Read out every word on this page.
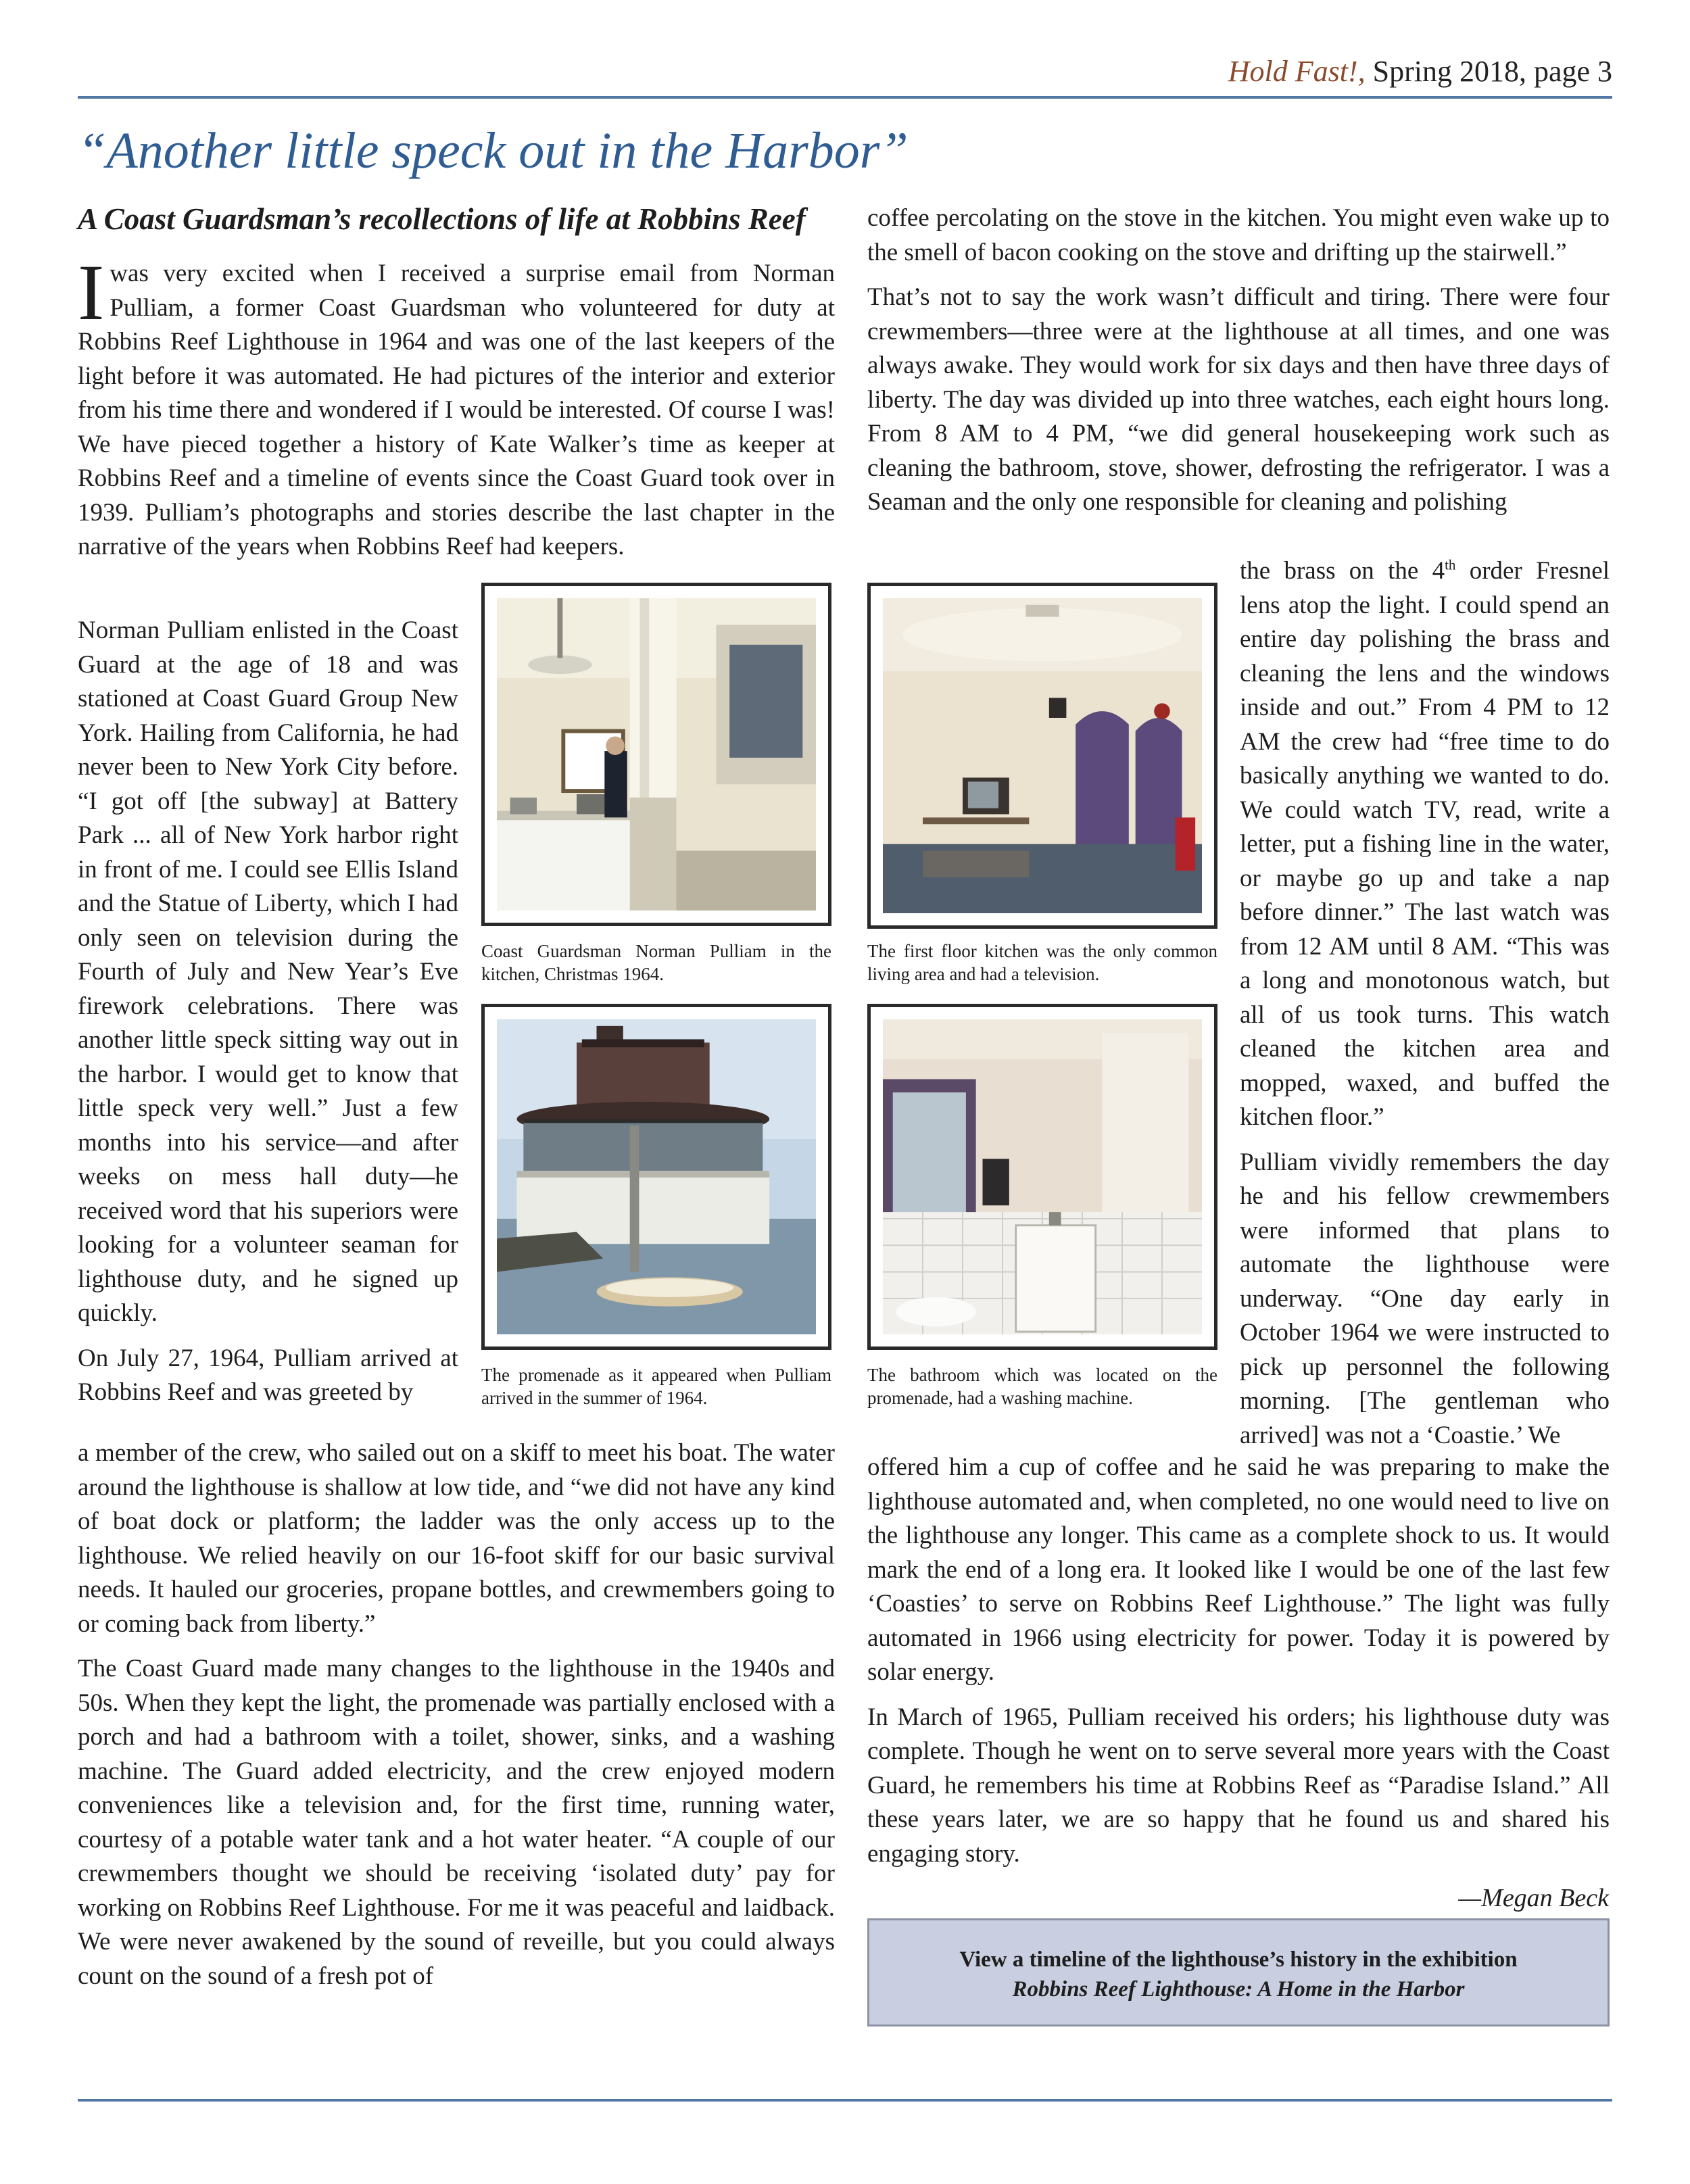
Hold Fast!, Spring 2018, page 3
“Another little speck out in the Harbor”
A Coast Guardsman’s recollections of life at Robbins Reef

Iwas very excited when I received a surprise email from Norman Pulliam, a former Coast Guardsman who volunteered for duty at Robbins Reef Lighthouse in 1964 and was one of the last keepers of the light before it was automated. He had pictures of the interior and exterior from his time there and wondered if I would be interested. Of course I was! We have pieced together a history of Kate Walker’s time as keeper at Robbins Reef and a timeline of events since the Coast Guard took over in 1939. Pulliam’s photographs and stories describe the last chapter in the narrative of the years when Robbins Reef had keepers.

Norman Pulliam enlisted in the Coast Guard at the age of 18 and was stationed at Coast Guard Group New York. Hailing from California, he had never been to New York City before. “I got off [the subway] at Battery Park ... all of New York harbor right in front of me. I could see Ellis Island and the Statue of Liberty, which I had only seen on television during the Fourth of July and New Year’s Eve firework celebrations. There was another little speck sitting way out in the harbor. I would get to know that little speck very well.” Just a few months into his service—and after weeks on mess hall duty—he received word that his superiors were looking for a volunteer seaman for lighthouse duty, and he signed up quickly.

On July 27, 1964, Pulliam arrived at Robbins Reef and was greeted by

a member of the crew, who sailed out on a skiff to meet his boat. The water around the lighthouse is shallow at low tide, and “we did not have any kind of boat dock or platform; the ladder was the only access up to the lighthouse. We relied heavily on our 16-foot skiff for our basic survival needs. It hauled our groceries, propane bottles, and crewmembers going to or coming back from liberty.”

The Coast Guard made many changes to the lighthouse in the 1940s and 50s. When they kept the light, the promenade was partially enclosed with a porch and had a bathroom with a toilet, shower, sinks, and a washing machine. The Guard added electricity, and the crew enjoyed modern conveniences like a television and, for the first time, running water, courtesy of a potable water tank and a hot water heater. “A couple of our crewmembers thought we should be receiving ‘isolated duty’ pay for working on Robbins Reef Lighthouse. For me it was peaceful and laidback. We were never awakened by the sound of reveille, but you could always count on the sound of a fresh pot of

Coast Guardsman Norman Pulliam in the kitchen, Christmas 1964.
The promenade as it appeared when Pulliam arrived in the summer of 1964.

coffee percolating on the stove in the kitchen. You might even wake up to the smell of bacon cooking on the stove and drifting up the stairwell.”

That’s not to say the work wasn’t difficult and tiring. There were four crewmembers—three were at the lighthouse at all times, and one was always awake. They would work for six days and then have three days of liberty. The day was divided up into three watches, each eight hours long. From 8 AM to 4 PM, “we did general housekeeping work such as cleaning the bathroom, stove, shower, defrosting the refrigerator. I was a Seaman and the only one responsible for cleaning and polishing

The first floor kitchen was the only common living area and had a television.
The bathroom which was located on the promenade, had a washing machine.

the brass on the 4th order Fresnel lens atop the light. I could spend an entire day polishing the brass and cleaning the lens and the windows inside and out.” From 4 PM to 12 AM the crew had “free time to do basically anything we wanted to do. We could watch TV, read, write a letter, put a fishing line in the water, or maybe go up and take a nap before dinner.” The last watch was from 12 AM until 8 AM. “This was a long and monotonous watch, but all of us took turns. This watch cleaned the kitchen area and mopped, waxed, and buffed the kitchen floor.”

Pulliam vividly remembers the day he and his fellow crewmembers were informed that plans to automate the lighthouse were underway. “One day early in October 1964 we were instructed to pick up personnel the following morning. [The gentleman who arrived] was not a ‘Coastie.’ We

offered him a cup of coffee and he said he was preparing to make the lighthouse automated and, when completed, no one would need to live on the lighthouse any longer. This came as a complete shock to us. It would mark the end of a long era. It looked like I would be one of the last few ‘Coasties’ to serve on Robbins Reef Lighthouse.” The light was fully automated in 1966 using electricity for power. Today it is powered by solar energy.

In March of 1965, Pulliam received his orders; his lighthouse duty was complete. Though he went on to serve several more years with the Coast Guard, he remembers his time at Robbins Reef as “Paradise Island.” All these years later, we are so happy that he found us and shared his engaging story.

—Megan Beck
View a timeline of the lighthouse’s history in the exhibition
Robbins Reef Lighthouse: A Home in the Harbor
